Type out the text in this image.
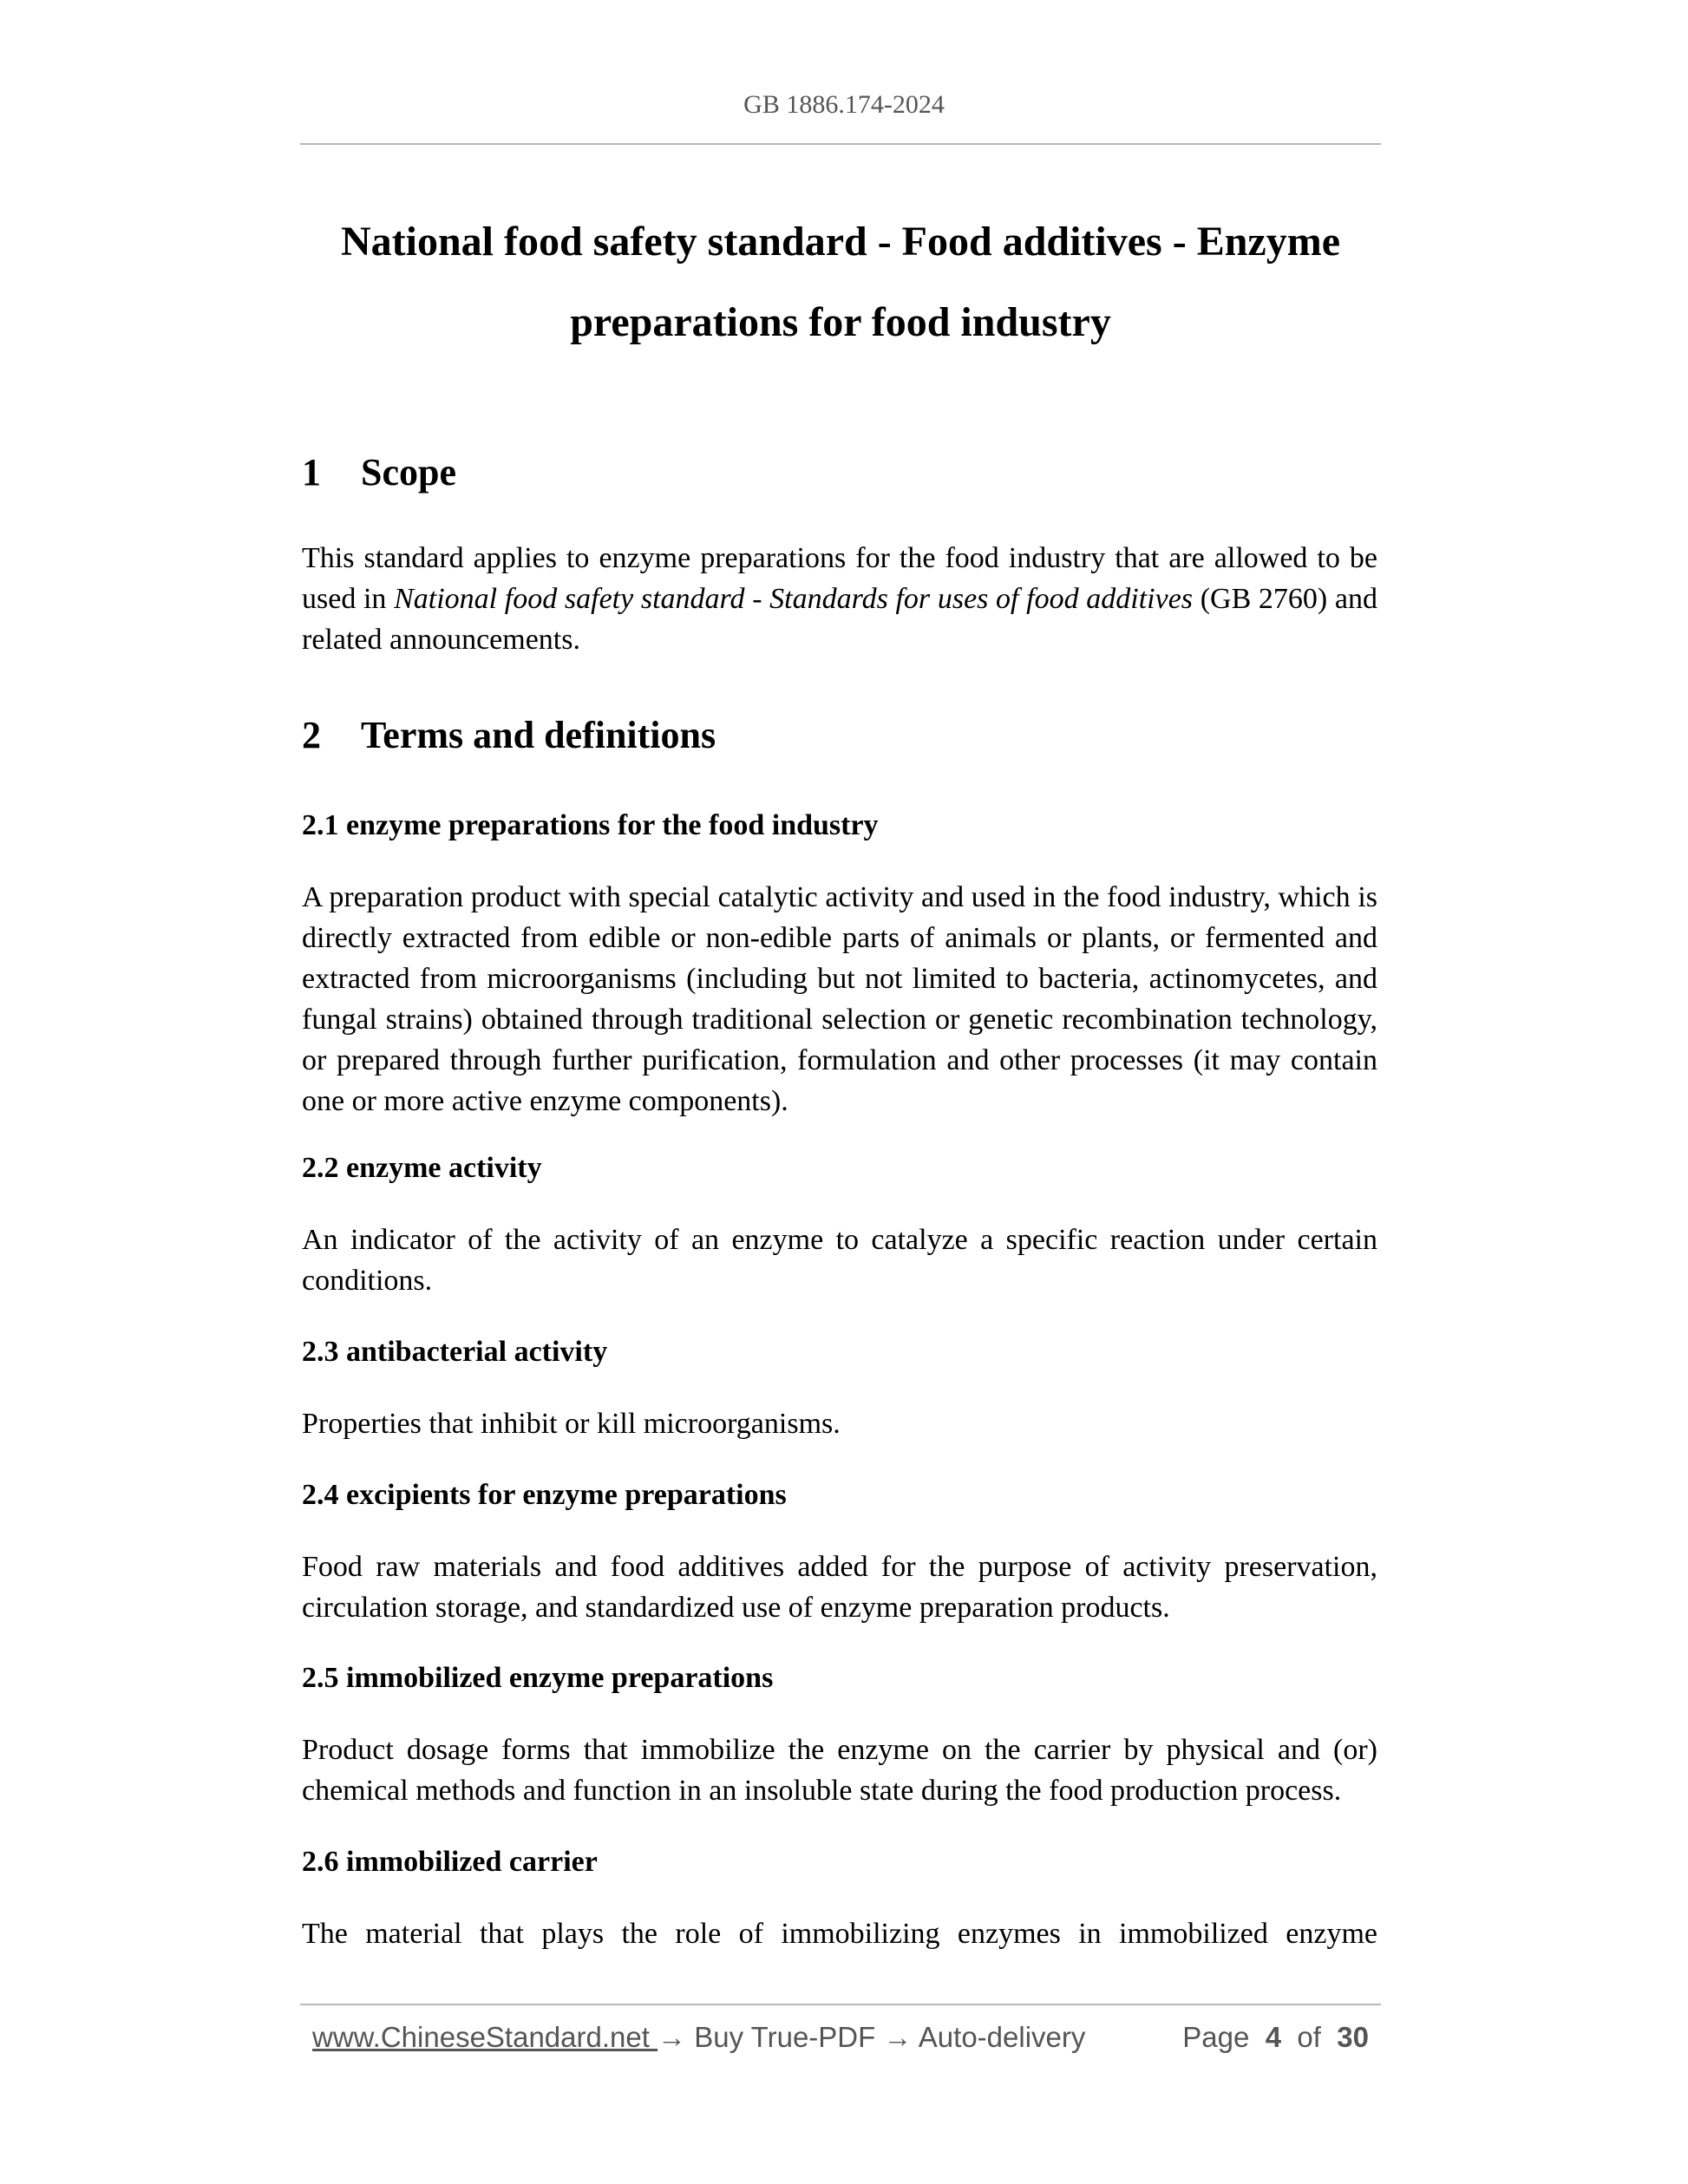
GB 1886.174-2024
National food safety standard - Food additives - Enzyme preparations for food industry
1 Scope

This standard applies to enzyme preparations for the food industry that are allowed to be used in National food safety standard - Standards for uses of food additives (GB 2760) and related announcements.

2 Terms and definitions
2.1 enzyme preparations for the food industry

A preparation product with special catalytic activity and used in the food industry, which is directly extracted from edible or non-edible parts of animals or plants, or fermented and extracted from microorganisms (including but not limited to bacteria, actinomycetes, and fungal strains) obtained through traditional selection or genetic recombination technology, or prepared through further purification, formulation and other processes (it may contain one or more active enzyme components).

2.2 enzyme activity

An indicator of the activity of an enzyme to catalyze a specific reaction under certain conditions.

2.3 antibacterial activity

Properties that inhibit or kill microorganisms.

2.4 excipients for enzyme preparations

Food raw materials and food additives added for the purpose of activity preservation, circulation storage, and standardized use of enzyme preparation products.

2.5 immobilized enzyme preparations

Product dosage forms that immobilize the enzyme on the carrier by physical and (or) chemical methods and function in an insoluble state during the food production process.

2.6 immobilized carrier

The material that plays the role of immobilizing enzymes in immobilized enzyme

www.ChineseStandard.net → Buy True-PDF → Auto-delivery	Page 4 of 30
